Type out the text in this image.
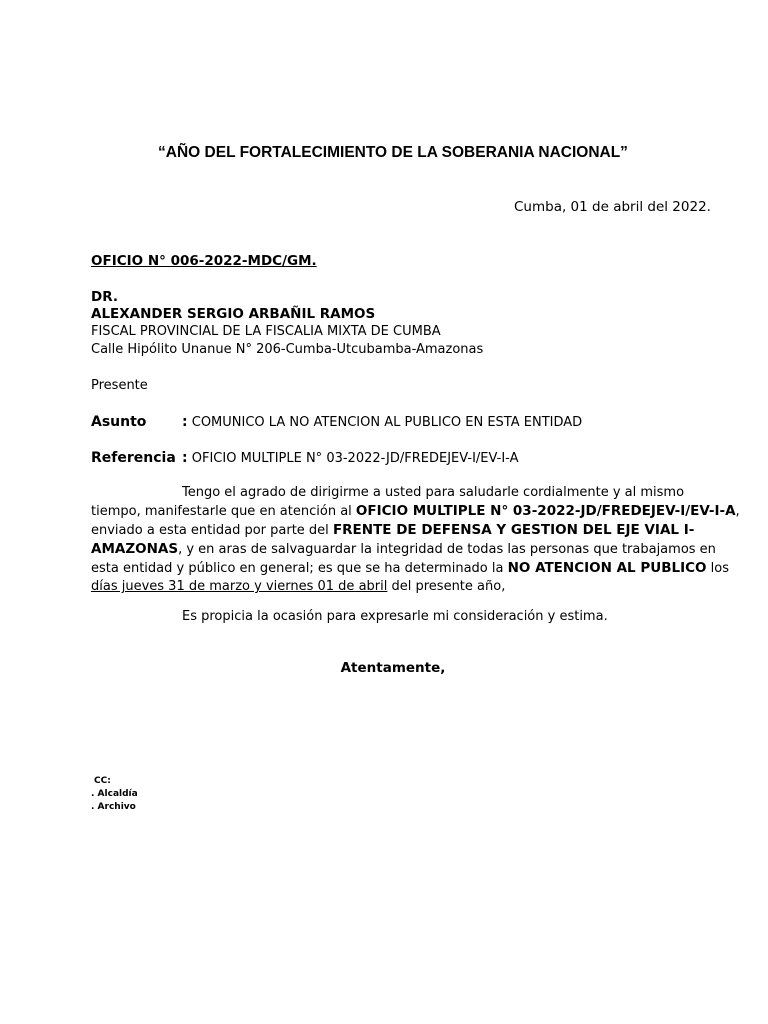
“AÑO DEL FORTALECIMIENTO DE LA SOBERANIA NACIONAL”
Cumba, 01 de abril del 2022.
OFICIO N° 006-2022-MDC/GM.
DR.
ALEXANDER SERGIO ARBAÑIL RAMOS
FISCAL PROVINCIAL DE LA FISCALIA MIXTA DE CUMBA
Calle Hipólito Unanue N° 206-Cumba-Utcubamba-Amazonas
Presente
Asunto	: COMUNICO LA NO ATENCION AL PUBLICO EN ESTA ENTIDAD
Referencia : OFICIO MULTIPLE N° 03-2022-JD/FREDEJEV-I/EV-I-A
Tengo el agrado de dirigirme a usted para saludarle cordialmente y al mismo
tiempo, manifestarle que en atención al OFICIO MULTIPLE N° 03-2022-JD/FREDEJEV-I/EV-I-A,
enviado a esta entidad por parte del FRENTE DE DEFENSA Y GESTION DEL EJE VIAL I-
AMAZONAS, y en aras de salvaguardar la integridad de todas las personas que trabajamos en
esta entidad y público en general; es que se ha determinado la NO ATENCION AL PUBLICO los
días jueves 31 de marzo y viernes 01 de abril del presente año,
Es propicia la ocasión para expresarle mi consideración y estima.
Atentamente,
CC:
. Alcaldía
. Archivo
